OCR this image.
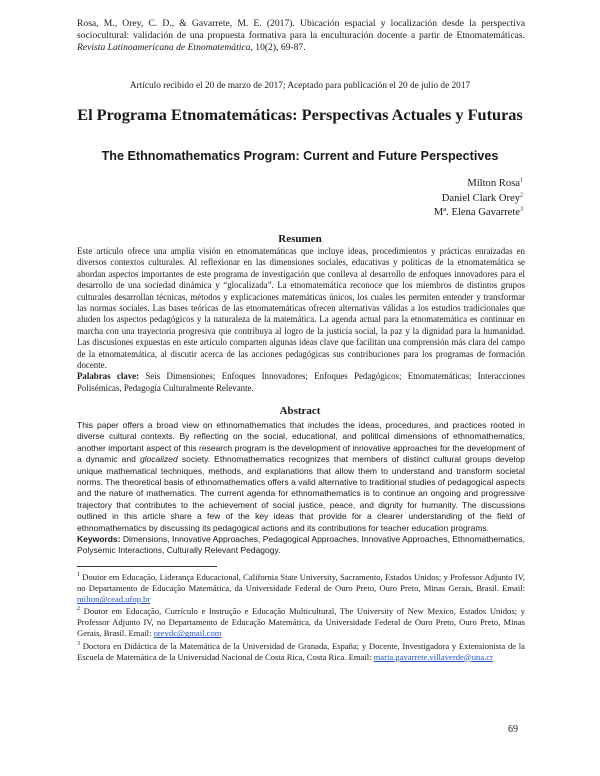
Rosa, M., Orey, C. D., & Gavarrete, M. E. (2017). Ubicación espacial y localización desde la perspectiva sociocultural: validación de una propuesta formativa para la enculturación docente a partir de Etnomatemáticas. Revista Latinoamericana de Etnomatemática, 10(2), 69-87.
Artículo recibido el 20 de marzo de 2017; Aceptado para publicación el 20 de julio de 2017
El Programa Etnomatemáticas: Perspectivas Actuales y Futuras
The Ethnomathematics Program: Current and Future Perspectives
Milton Rosa$^1$
Daniel Clark Orey$^2$
Mª. Elena Gavarrete$^3$
Resumen
Este artículo ofrece una amplia visión en etnomatemáticas que incluye ideas, procedimientos y prácticas enraizadas en diversos contextos culturales. Al reflexionar en las dimensiones sociales, educativas y políticas de la etnomatemática se abordan aspectos importantes de este programa de investigación que conlleva al desarrollo de enfoques innovadores para el desarrollo de una sociedad dinámica y “glocalizada”. La etnomatemática reconoce que los miembros de distintos grupos culturales desarrollan técnicas, métodos y explicaciones matemáticas únicos, los cuales les permiten entender y transformar las normas sociales. Las bases teóricas de las etnomatemáticas ofrecen alternativas válidas a los estudios tradicionales que aluden los aspectos pedagógicos y la naturaleza de la matemática. La agenda actual para la etnomatemática es continuar en marcha con una trayectoria progresiva que contribuya al logro de la justicia social, la paz y la dignidad para la humanidad. Las discusiones expuestas en este artículo comparten algunas ideas clave que facilitan una comprensión más clara del campo de la etnomatemática, al discutir acerca de las acciones pedagógicas sus contribuciones para los programas de formación docente.
Palabras clave: Seis Dimensiones; Enfoques Innovadores; Enfoques Pedagógicos; Etnomatemáticas; Interacciones Polisémicas, Pedagogía Culturalmente Relevante.
Abstract
This paper offers a broad view on ethnomathematics that includes the ideas, procedures, and practices rooted in diverse cultural contexts. By reflecting on the social, educational, and political dimensions of ethnomathematics, another important aspect of this research program is the development of innovative approaches for the development of a dynamic and glocalized society. Ethnomathematics recognizes that members of distinct cultural groups develop unique mathematical techniques, methods, and explanations that allow them to understand and transform societal norms. The theoretical basis of ethnomathematics offers a valid alternative to traditional studies of pedagogical aspects and the nature of mathematics. The current agenda for ethnomathematics is to continue an ongoing and progressive trajectory that contributes to the achievement of social justice, peace, and dignity for humanity. The discussions outlined in this article share a few of the key ideas that provide for a clearer understanding of the field of ethnomathematics by discussing its pedagogical actions and its contributions for teacher education programs.
Keywords: Dimensions, Innovative Approaches, Pedagogical Approaches, Innovative Approaches, Ethnomathematics, Polysemic Interactions, Culturally Relevant Pedagogy.

$^1$ Doutor em Educação, Liderança Educacional, California State University, Sacramento, Estados Unidos; y Professor Adjunto IV, no Departamento de Educação Matemática, da Universidade Federal de Ouro Preto, Ouro Preto, Minas Gerais, Brasil. Email: milton@cead.ufop.br

$^2$ Doutor em Educação, Currículo e Instrução e Educação Multicultural, The University of New Mexico, Estados Unidos; y Professor Adjunto IV, no Departamento de Educação Matemática, da Universidade Federal de Ouro Preto, Ouro Preto, Minas Gerais, Brasil. Email: oreydc@gmail.com

$^3$ Doctora en Didáctica de la Matemática de la Universidad de Granada, España; y Docente, Investigadora y Extensionista de la Escuela de Matemática de la Universidad Nacional de Costa Rica, Costa Rica. Email: maria.gavarrete.villaverde@una.cr

69
